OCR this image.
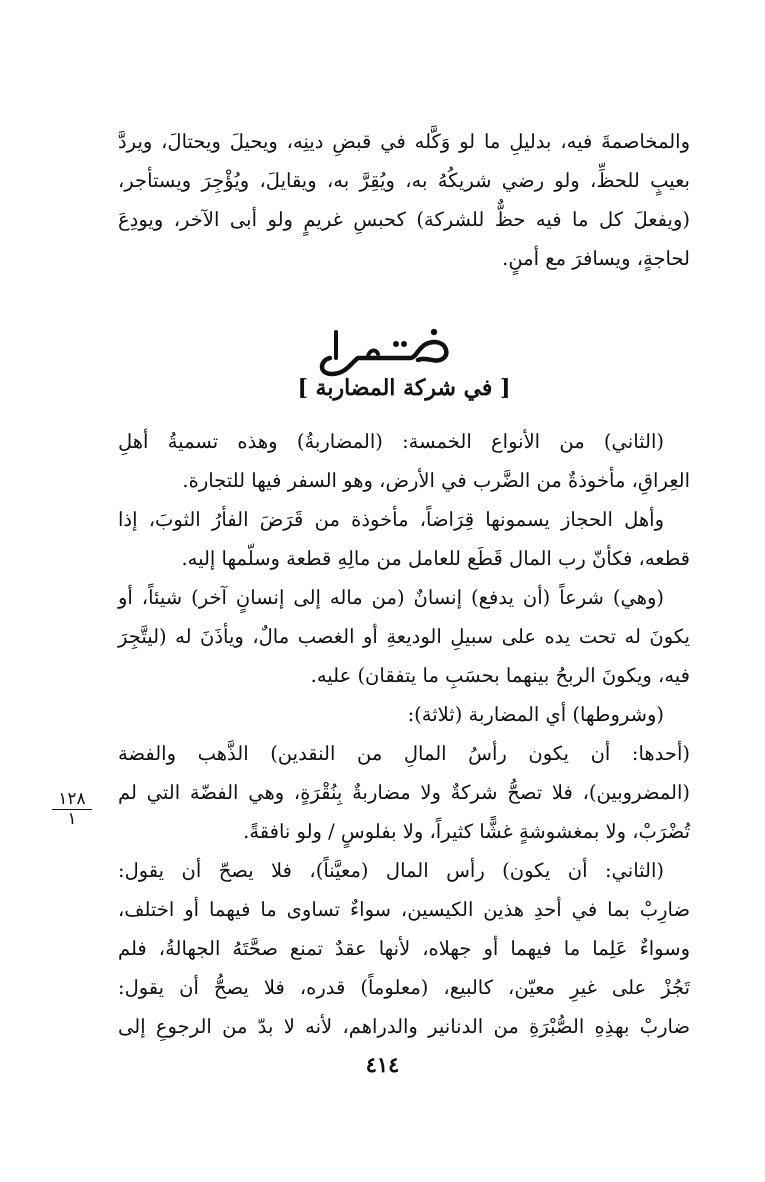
والمخاصمةَ فيه، بدليلِ ما لو وَكَّله في قبضِ دينِه، ويحيلَ ويحتالَ، ويردَّ

بعيبٍ للحظِّ، ولو رضي شريكُهُ به، ويُقِرَّ به، ويقايلَ، ويُؤْجِرَ ويستأجر،

(ويفعلَ كل ما فيه حظٌّ للشركة) كحبسِ غريمٍ ولو أبى الآخر، ويودِعَ

لحاجةٍ، ويسافرَ مع أمنٍ.

[ في شركة المضاربة ]

(الثاني) من الأنواع الخمسة: (المضاربةُ) وهذه تسميةُ أهلِ

العِراقِ، مأخوذةٌ من الضَّرب في الأرض، وهو السفر فيها للتجارة.

وأهل الحجاز يسمونها قِرَاضاً، مأخوذة من قَرَضَ الفأرُ الثوبَ، إذا

قطعه، فكأنّ رب المال قَطَع للعامل من مالِهِ قطعة وسلّمها إليه.

(وهي) شرعاً (أن يدفع) إنسانٌ (من ماله إلى إنسانٍ آخر) شيئاً، أو

يكونَ له تحت يده على سبيلِ الوديعةِ أو الغصب مالٌ، ويأذَنَ له (ليتَّجِرَ

فيه، ويكونَ الربحُ بينهما بحسَبِ ما يتفقان) عليه.

(وشروطها) أي المضاربة (ثلاثة):

(أحدها: أن يكون رأسُ المالِ من النقدين) الذَّهب والفضة

(المضروبين)، فلا تصحُّ شركةٌ ولا مضاربةٌ بِنُقْرَةٍ، وهي الفضّة التي لم

تُضْرَبْ، ولا بمغشوشةٍ غشًّا كثيراً، ولا بفلوسٍ / ولو نافقةً.

(الثاني: أن يكون) رأس المال (معيَّناً)، فلا يصحّ أن يقول:

ضارِبْ بما في أحدِ هذين الكيسين، سواءٌ تساوى ما فيهما أو اختلف،

وسواءٌ عَلِما ما فيهما أو جهلاه، لأنها عقدٌ تمنع صحَّتَهُ الجهالةُ، فلم

تَجُزْ على غيرِ معيّن، كالبيع، (معلوماً) قدره، فلا يصحُّ أن يقول:

ضاربْ بهذِهِ الصُّبْرَةِ من الدنانير والدراهم، لأنه لا بدّ من الرجوعِ إلى

١٢٨
١
٤١٤
